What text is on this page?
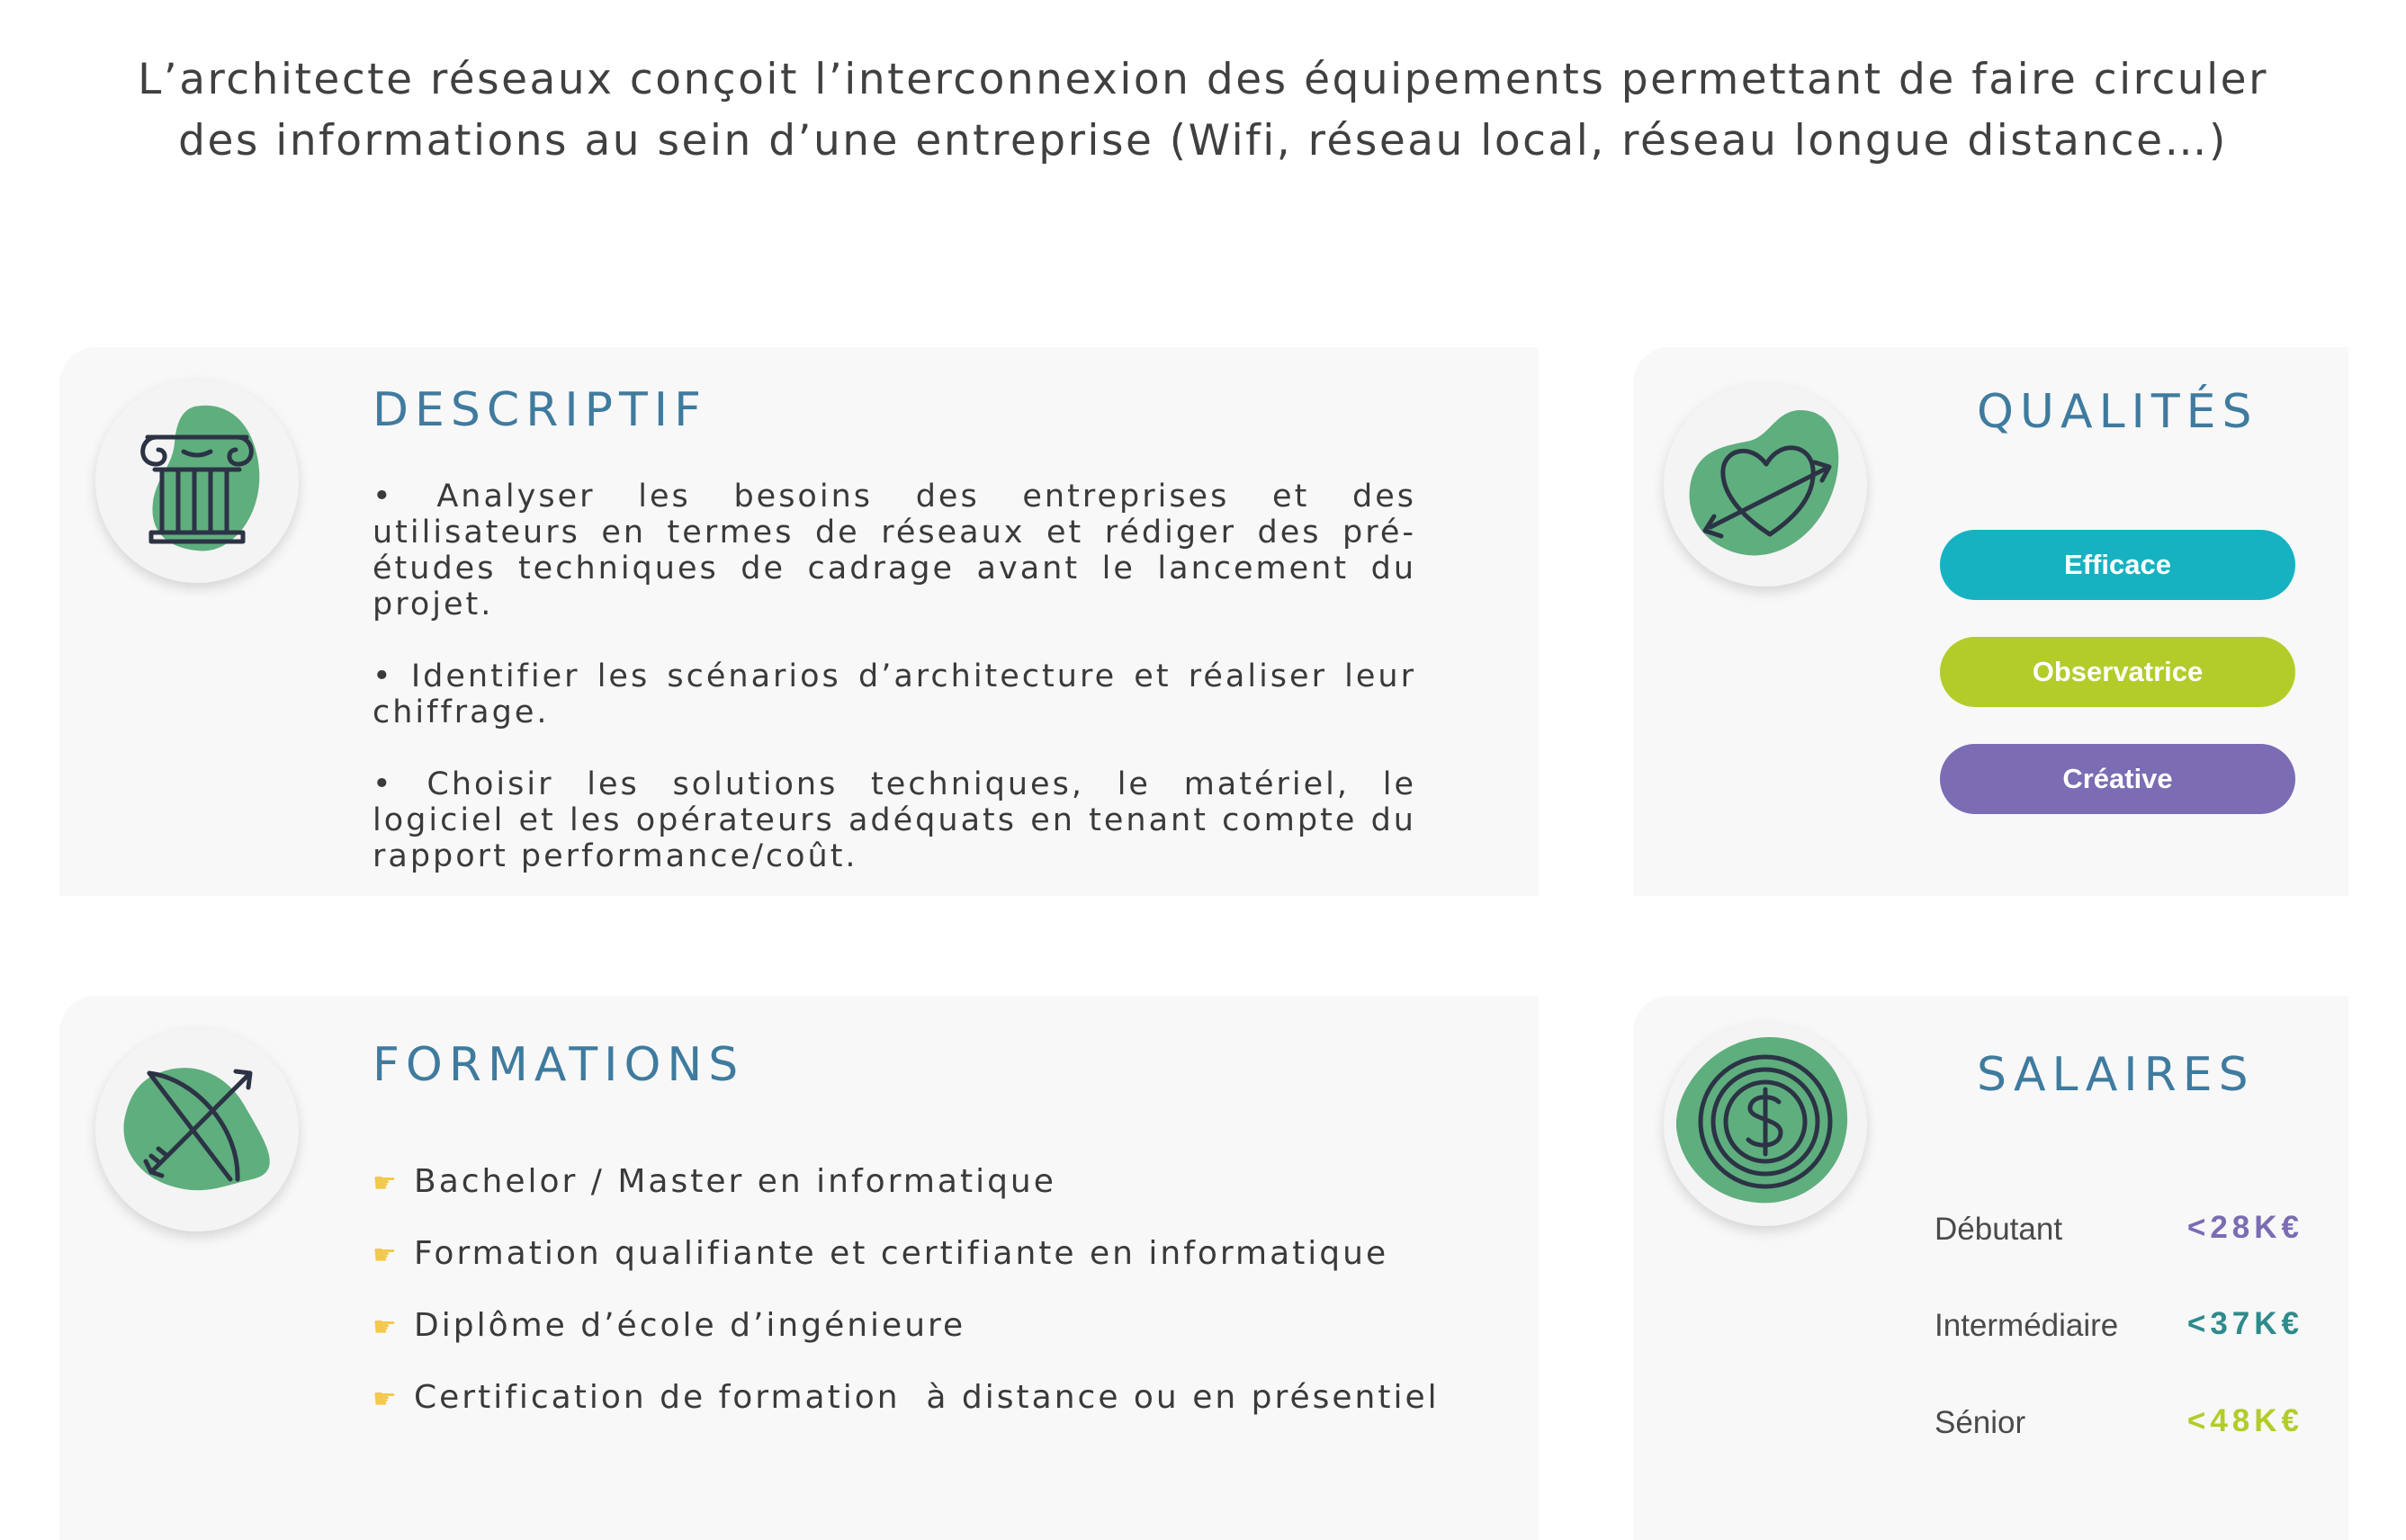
L’architecte réseaux conçoit l’interconnexion des équipements permettant de faire circuler des informations au sein d’une entreprise (Wifi, réseau local, réseau longue distance…)
DESCRIPTIF

• Analyser les besoins des entreprises et des utilisateurs en termes de réseaux et rédiger des pré-études techniques de cadrage avant le lancement du projet.

• Identifier les scénarios d’architecture et réaliser leur chiffrage.

• Choisir les solutions techniques, le matériel, le logiciel et les opérateurs adéquats en tenant compte du rapport performance/coût.

QUALITÉS
Efficace
Observatrice
Créative
FORMATIONS
☛ Bachelor / Master en informatique
☛ Formation qualifiante et certifiante en informatique
☛ Diplôme d’école d’ingénieure
☛ Certification de formation  à distance ou en présentiel
SALAIRES
Débutant	<28K€
Intermédiaire <37K€
Sénior	<48K€
